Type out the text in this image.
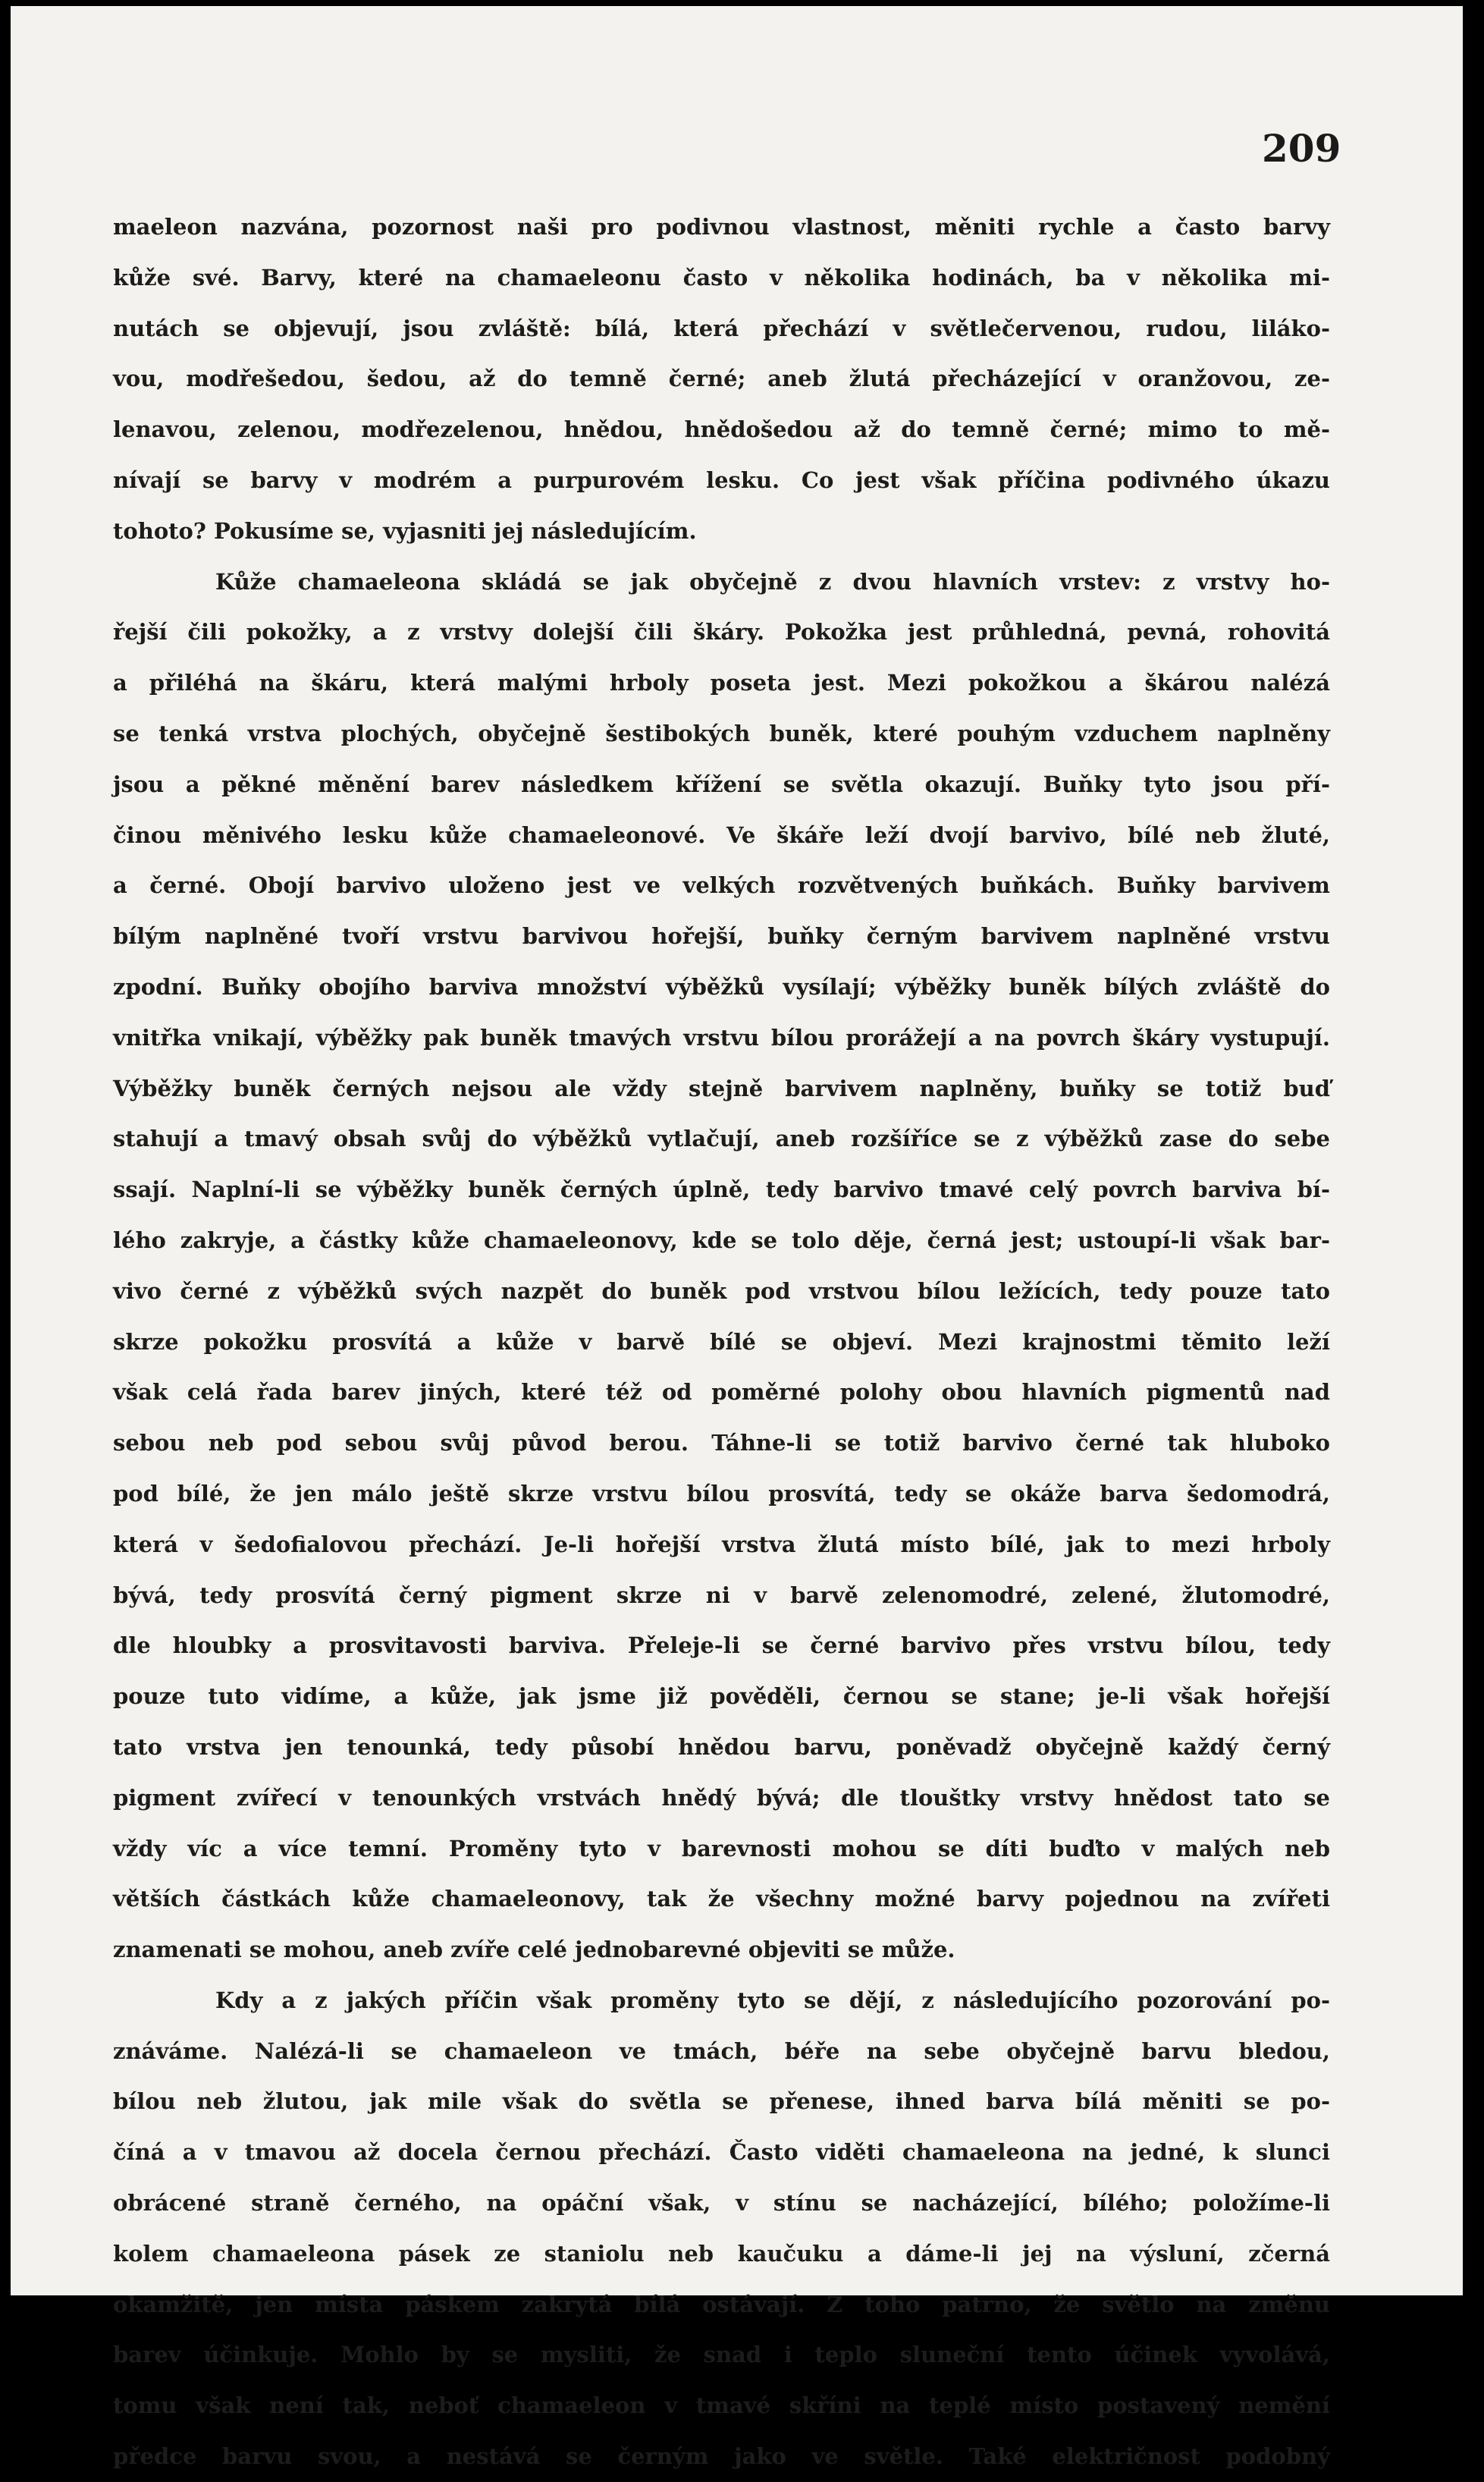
209
maeleon nazvána, pozornost naši pro podivnou vlastnost, měniti rychle a často barvy
kůže své. Barvy, které na chamaeleonu často v několika hodinách, ba v několika mi-
nutách se objevují, jsou zvláště: bílá, která přechází v světlečervenou, rudou, liláko-
vou, modřešedou, šedou, až do temně černé; aneb žlutá přecházející v oranžovou, ze-
lenavou, zelenou, modřezelenou, hnědou, hnědošedou až do temně černé; mimo to mě-
nívají se barvy v modrém a purpurovém lesku. Co jest však příčina podivného úkazu
tohoto? Pokusíme se, vyjasniti jej následujícím.
Kůže chamaeleona skládá se jak obyčejně z dvou hlavních vrstev: z vrstvy ho-
řejší čili pokožky, a z vrstvy dolejší čili škáry. Pokožka jest průhledná, pevná, rohovitá
a přiléhá na škáru, která malými hrboly poseta jest. Mezi pokožkou a škárou nalézá
se tenká vrstva plochých, obyčejně šestibokých buněk, které pouhým vzduchem naplněny
jsou a pěkné měnění barev následkem křížení se světla okazují. Buňky tyto jsou pří-
činou měnivého lesku kůže chamaeleonové. Ve škáře leží dvojí barvivo, bílé neb žluté,
a černé. Obojí barvivo uloženo jest ve velkých rozvětvených buňkách. Buňky barvivem
bílým naplněné tvoří vrstvu barvivou hořejší, buňky černým barvivem naplněné vrstvu
zpodní. Buňky obojího barviva množství výběžků vysílají; výběžky buněk bílých zvláště do
vnitřka vnikají, výběžky pak buněk tmavých vrstvu bílou prorážejí a na povrch škáry vystupují.
Výběžky buněk černých nejsou ale vždy stejně barvivem naplněny, buňky se totiž buď
stahují a tmavý obsah svůj do výběžků vytlačují, aneb rozšíříce se z výběžků zase do sebe
ssají. Naplní-li se výběžky buněk černých úplně, tedy barvivo tmavé celý povrch barviva bí-
lého zakryje, a částky kůže chamaeleonovy, kde se tolo děje, černá jest; ustoupí-li však bar-
vivo černé z výběžků svých nazpět do buněk pod vrstvou bílou ležících, tedy pouze tato
skrze pokožku prosvítá a kůže v barvě bílé se objeví. Mezi krajnostmi těmito leží
však celá řada barev jiných, které též od poměrné polohy obou hlavních pigmentů nad
sebou neb pod sebou svůj původ berou. Táhne-li se totiž barvivo černé tak hluboko
pod bílé, že jen málo ještě skrze vrstvu bílou prosvítá, tedy se okáže barva šedomodrá,
která v šedofialovou přechází. Je-li hořejší vrstva žlutá místo bílé, jak to mezi hrboly
bývá, tedy prosvítá černý pigment skrze ni v barvě zelenomodré, zelené, žlutomodré,
dle hloubky a prosvitavosti barviva. Přeleje-li se černé barvivo přes vrstvu bílou, tedy
pouze tuto vidíme, a kůže, jak jsme již pověděli, černou se stane; je-li však hořejší
tato vrstva jen tenounká, tedy působí hnědou barvu, poněvadž obyčejně každý černý
pigment zvířecí v tenounkých vrstvách hnědý bývá; dle tlouštky vrstvy hnědost tato se
vždy víc a více temní. Proměny tyto v barevnosti mohou se díti buďto v malých neb
větších částkách kůže chamaeleonovy, tak že všechny možné barvy pojednou na zvířeti
znamenati se mohou, aneb zvíře celé jednobarevné objeviti se může.
Kdy a z jakých příčin však proměny tyto se dějí, z následujícího pozorování po-
znáváme. Nalézá-li se chamaeleon ve tmách, béře na sebe obyčejně barvu bledou,
bílou neb žlutou, jak mile však do světla se přenese, ihned barva bílá měniti se po-
číná a v tmavou až docela černou přechází. Často viděti chamaeleona na jedné, k slunci
obrácené straně černého, na opáční však, v stínu se nacházející, bílého; položíme-li
kolem chamaeleona pásek ze staniolu neb kaučuku a dáme-li jej na výsluní, zčerná
okamžitě, jen místa páskem zakrytá bílá ostávají. Z toho patrno, že světlo na změnu
barev účinkuje. Mohlo by se mysliti, že snad i teplo sluneční tento účinek vyvolává,
tomu však není tak, neboť chamaeleon v tmavé skříni na teplé místo postavený nemění
předce barvu svou, a nestává se černým jako ve světle. Také električnost podobný
